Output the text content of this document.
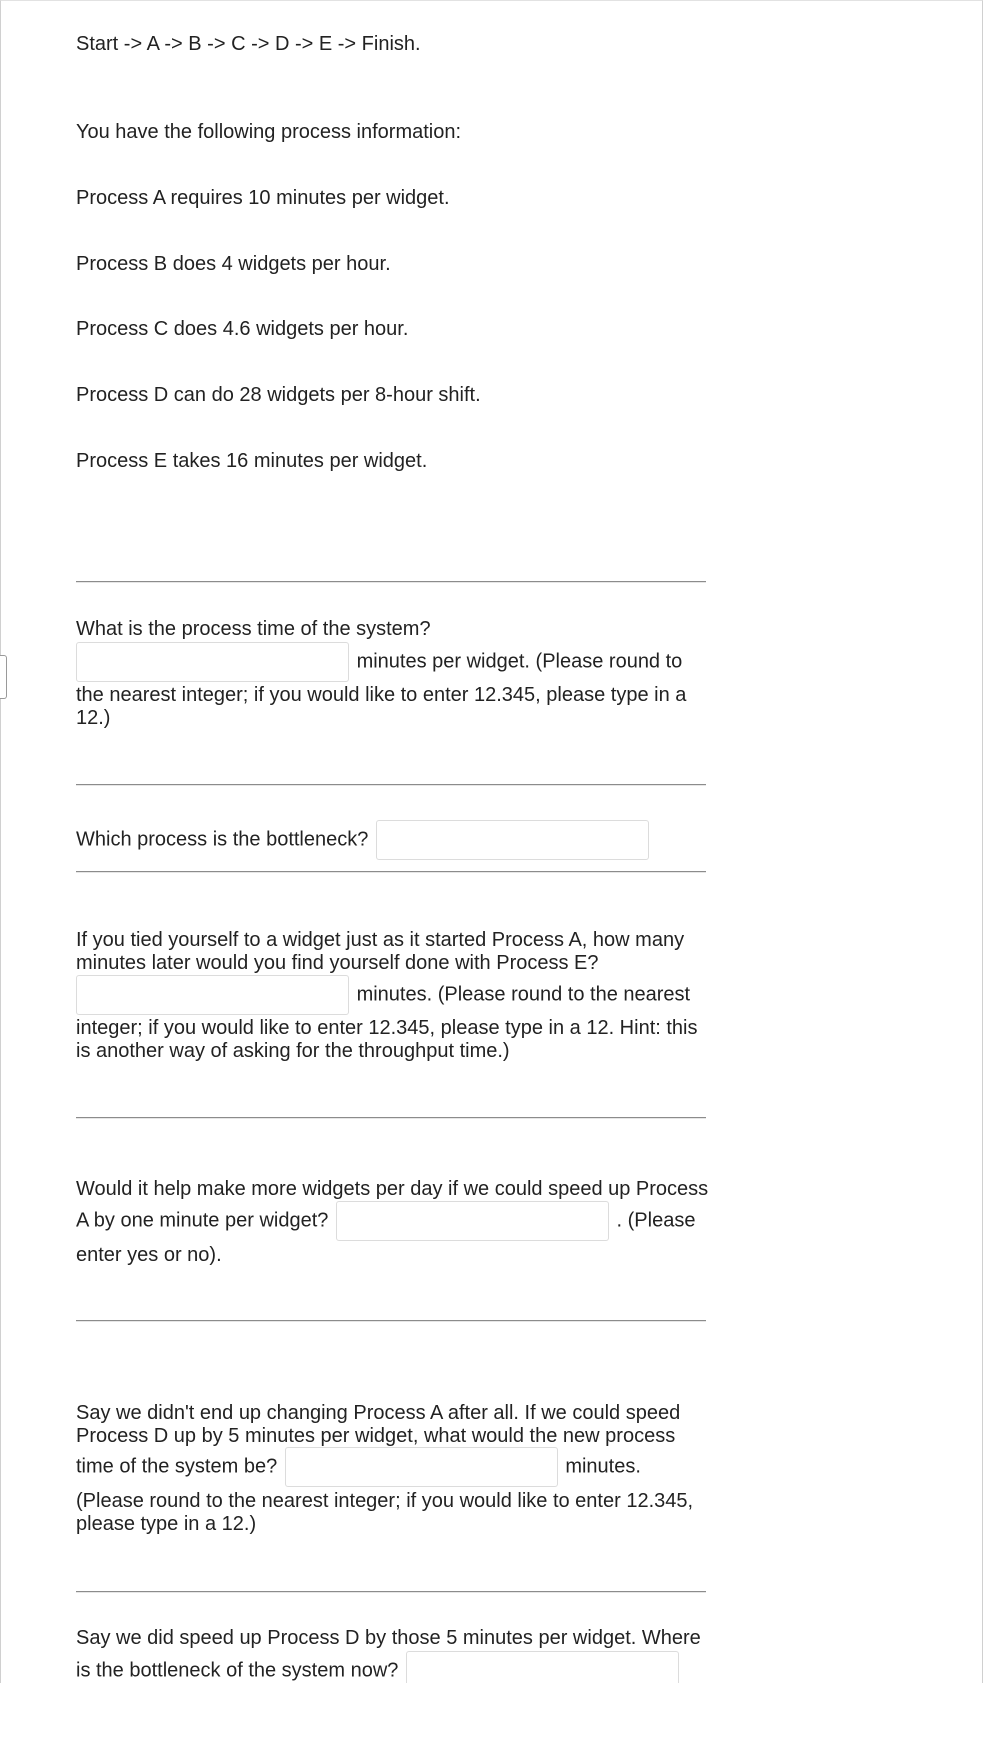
Start -> A -> B -> C -> D -> E -> Finish.

You have the following process information:

Process A requires 10 minutes per widget.

Process B does 4 widgets per hour.

Process C does 4.6 widgets per hour.

Process D can do 28 widgets per 8-hour shift.

Process E takes 16 minutes per widget.

What is the process time of the system?

minutes per widget. (Please round to

the nearest integer; if you would like to enter 12.345, please type in a 12.)

Which process is the bottleneck?

If you tied yourself to a widget just as it started Process A, how many minutes later would you find yourself done with Process E?

minutes. (Please round to the nearest

integer; if you would like to enter 12.345, please type in a 12. Hint: this is another way of asking for the throughput time.)

Would it help make more widgets per day if we could speed up Process

A by one minute per widget?	. (Please

enter yes or no).

Say we didn't end up changing Process A after all. If we could speed Process D up by 5 minutes per widget, what would the new process

time of the system be?	minutes.

(Please round to the nearest integer; if you would like to enter 12.345, please type in a 12.)

Say we did speed up Process D by those 5 minutes per widget. Where

is the bottleneck of the system now?
